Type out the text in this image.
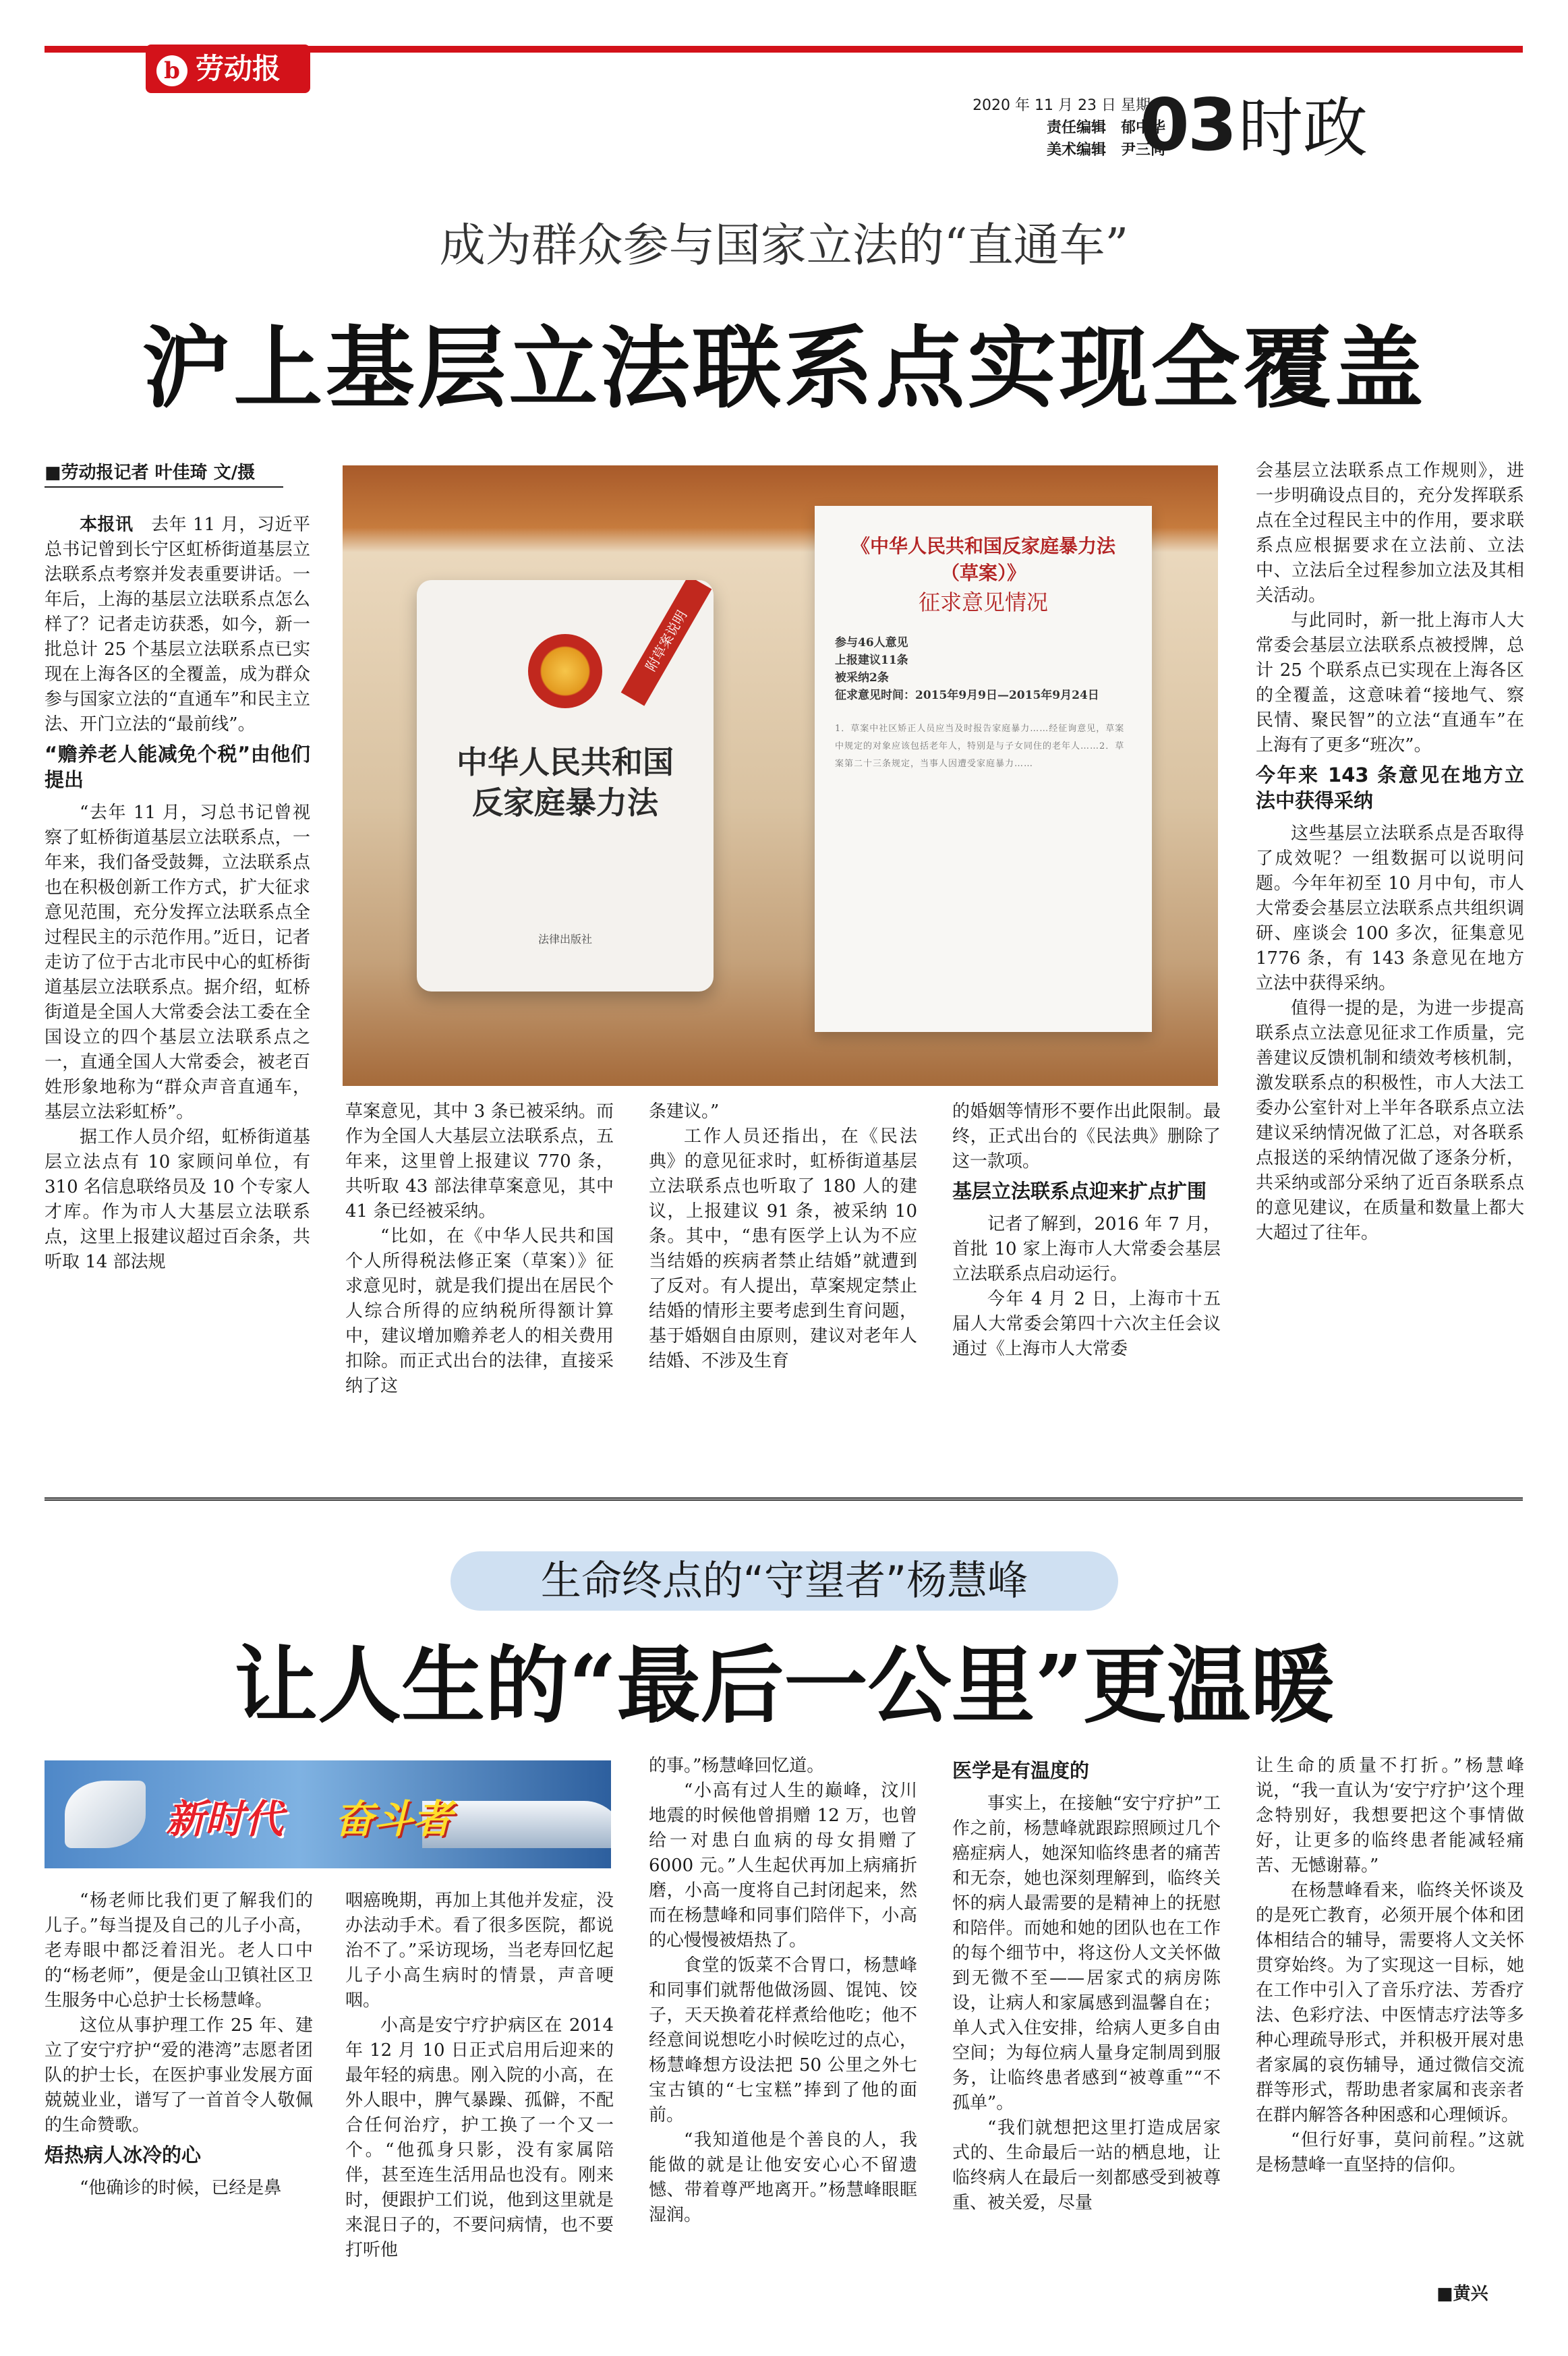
b 劳动报
2020 年 11 月 23 日 星期一
责任编辑　郁中华
美术编辑　尹三同
03 时政
成为群众参与国家立法的“直通车”
沪上基层立法联系点实现全覆盖
■劳动报记者 叶佳琦 文/摄

本报讯　去年 11 月，习近平总书记曾到长宁区虹桥街道基层立法联系点考察并发表重要讲话。一年后，上海的基层立法联系点怎么样了？记者走访获悉，如今，新一批总计 25 个基层立法联系点已实现在上海各区的全覆盖，成为群众参与国家立法的“直通车”和民主立法、开门立法的“最前线”。

“赡养老人能减免个税”由他们提出

“去年 11 月，习总书记曾视察了虹桥街道基层立法联系点，一年来，我们备受鼓舞，立法联系点也在积极创新工作方式，扩大征求意见范围，充分发挥立法联系点全过程民主的示范作用。”近日，记者走访了位于古北市民中心的虹桥街道基层立法联系点。据介绍，虹桥街道是全国人大常委会法工委在全国设立的四个基层立法联系点之一，直通全国人大常委会，被老百姓形象地称为“群众声音直通车，基层立法彩虹桥”。

据工作人员介绍，虹桥街道基层立法点有 10 家顾问单位，有 310 名信息联络员及 10 个专家人才库。作为市人大基层立法联系点，这里上报建议超过百余条，共听取 14 部法规

草案意见，其中 3 条已被采纳。而作为全国人大基层立法联系点，五年来，这里曾上报建议 770 条，共听取 43 部法律草案意见，其中 41 条已经被采纳。

“比如，在《中华人民共和国个人所得税法修正案（草案）》征求意见时，就是我们提出在居民个人综合所得的应纳税所得额计算中，建议增加赡养老人的相关费用扣除。而正式出台的法律，直接采纳了这

条建议。”

工作人员还指出，在《民法典》的意见征求时，虹桥街道基层立法联系点也听取了 180 人的建议，上报建议 91 条，被采纳 10 条。其中，“患有医学上认为不应当结婚的疾病者禁止结婚”就遭到了反对。有人提出，草案规定禁止结婚的情形主要考虑到生育问题，基于婚姻自由原则，建议对老年人结婚、不涉及生育

的婚姻等情形不要作出此限制。最终，正式出台的《民法典》删除了这一款项。

基层立法联系点迎来扩点扩围

记者了解到，2016 年 7 月，首批 10 家上海市人大常委会基层立法联系点启动运行。

今年 4 月 2 日，上海市十五届人大常委会第四十六次主任会议通过《上海市人大常委

会基层立法联系点工作规则》，进一步明确设点目的，充分发挥联系点在全过程民主中的作用，要求联系点应根据要求在立法前、立法中、立法后全过程参加立法及其相关活动。

与此同时，新一批上海市人大常委会基层立法联系点被授牌，总计 25 个联系点已实现在上海各区的全覆盖，这意味着“接地气、察民情、聚民智”的立法“直通车”在上海有了更多“班次”。

今年来 143 条意见在地方立法中获得采纳

这些基层立法联系点是否取得了成效呢？一组数据可以说明问题。今年年初至 10 月中旬，市人大常委会基层立法联系点共组织调研、座谈会 100 多次，征集意见 1776 条，有 143 条意见在地方立法中获得采纳。

值得一提的是，为进一步提高联系点立法意见征求工作质量，完善建议反馈机制和绩效考核机制，激发联系点的积极性，市人大法工委办公室针对上半年各联系点立法建议采纳情况做了汇总，对各联系点报送的采纳情况做了逐条分析，共采纳或部分采纳了近百条联系点的意见建议，在质量和数量上都大大超过了往年。

附草案说明
中华人民共和国
反家庭暴力法
法律出版社
《中华人民共和国反家庭暴力法（草案）》
征求意见情况
参与46人意见
上报建议11条
被采纳2条
征求意见时间：2015年9月9日—2015年9月24日
1．草案中社区矫正人员应当及时报告家庭暴力……经征询意见，草案中规定的对象应该包括老年人，特别是与子女同住的老年人……2．草案第二十三条规定，当事人因遭受家庭暴力……
生命终点的“守望者”杨慧峰
让人生的“最后一公里”更温暖
新时代 奋斗者

“杨老师比我们更了解我们的儿子。”每当提及自己的儿子小高，老寿眼中都泛着泪光。老人口中的“杨老师”，便是金山卫镇社区卫生服务中心总护士长杨慧峰。

这位从事护理工作 25 年、建立了安宁疗护“爱的港湾”志愿者团队的护士长，在医护事业发展方面兢兢业业，谱写了一首首令人敬佩的生命赞歌。

焐热病人冰冷的心

“他确诊的时候，已经是鼻

咽癌晚期，再加上其他并发症，没办法动手术。看了很多医院，都说治不了。”采访现场，当老寿回忆起儿子小高生病时的情景，声音哽咽。

小高是安宁疗护病区在 2014 年 12 月 10 日正式启用后迎来的最年轻的病患。刚入院的小高，在外人眼中，脾气暴躁、孤僻，不配合任何治疗，护工换了一个又一个。“他孤身只影，没有家属陪伴，甚至连生活用品也没有。刚来时，便跟护工们说，他到这里就是来混日子的，不要问病情，也不要打听他

的事。”杨慧峰回忆道。

“小高有过人生的巅峰，汶川地震的时候他曾捐赠 12 万，也曾给一对患白血病的母女捐赠了 6000 元。”人生起伏再加上病痛折磨，小高一度将自己封闭起来，然而在杨慧峰和同事们陪伴下，小高的心慢慢被焐热了。

食堂的饭菜不合胃口，杨慧峰和同事们就帮他做汤圆、馄饨、饺子，天天换着花样煮给他吃；他不经意间说想吃小时候吃过的点心，杨慧峰想方设法把 50 公里之外七宝古镇的“七宝糕”捧到了他的面前。

“我知道他是个善良的人，我能做的就是让他安安心心不留遗憾、带着尊严地离开。”杨慧峰眼眶湿润。

医学是有温度的

事实上，在接触“安宁疗护”工作之前，杨慧峰就跟踪照顾过几个癌症病人，她深知临终患者的痛苦和无奈，她也深刻理解到，临终关怀的病人最需要的是精神上的抚慰和陪伴。而她和她的团队也在工作的每个细节中，将这份人文关怀做到无微不至——居家式的病房陈设，让病人和家属感到温馨自在；单人式入住安排，给病人更多自由空间；为每位病人量身定制周到服务，让临终患者感到“被尊重”“不孤单”。

“我们就想把这里打造成居家式的、生命最后一站的栖息地，让临终病人在最后一刻都感受到被尊重、被关爱，尽量

让生命的质量不打折。”杨慧峰说，“我一直认为‘安宁疗护’这个理念特别好，我想要把这个事情做好，让更多的临终患者能减轻痛苦、无憾谢幕。”

在杨慧峰看来，临终关怀谈及的是死亡教育，必须开展个体和团体相结合的辅导，需要将人文关怀贯穿始终。为了实现这一目标，她在工作中引入了音乐疗法、芳香疗法、色彩疗法、中医情志疗法等多种心理疏导形式，并积极开展对患者家属的哀伤辅导，通过微信交流群等形式，帮助患者家属和丧亲者在群内解答各种困惑和心理倾诉。

“但行好事，莫问前程。”这就是杨慧峰一直坚持的信仰。

■黄兴
